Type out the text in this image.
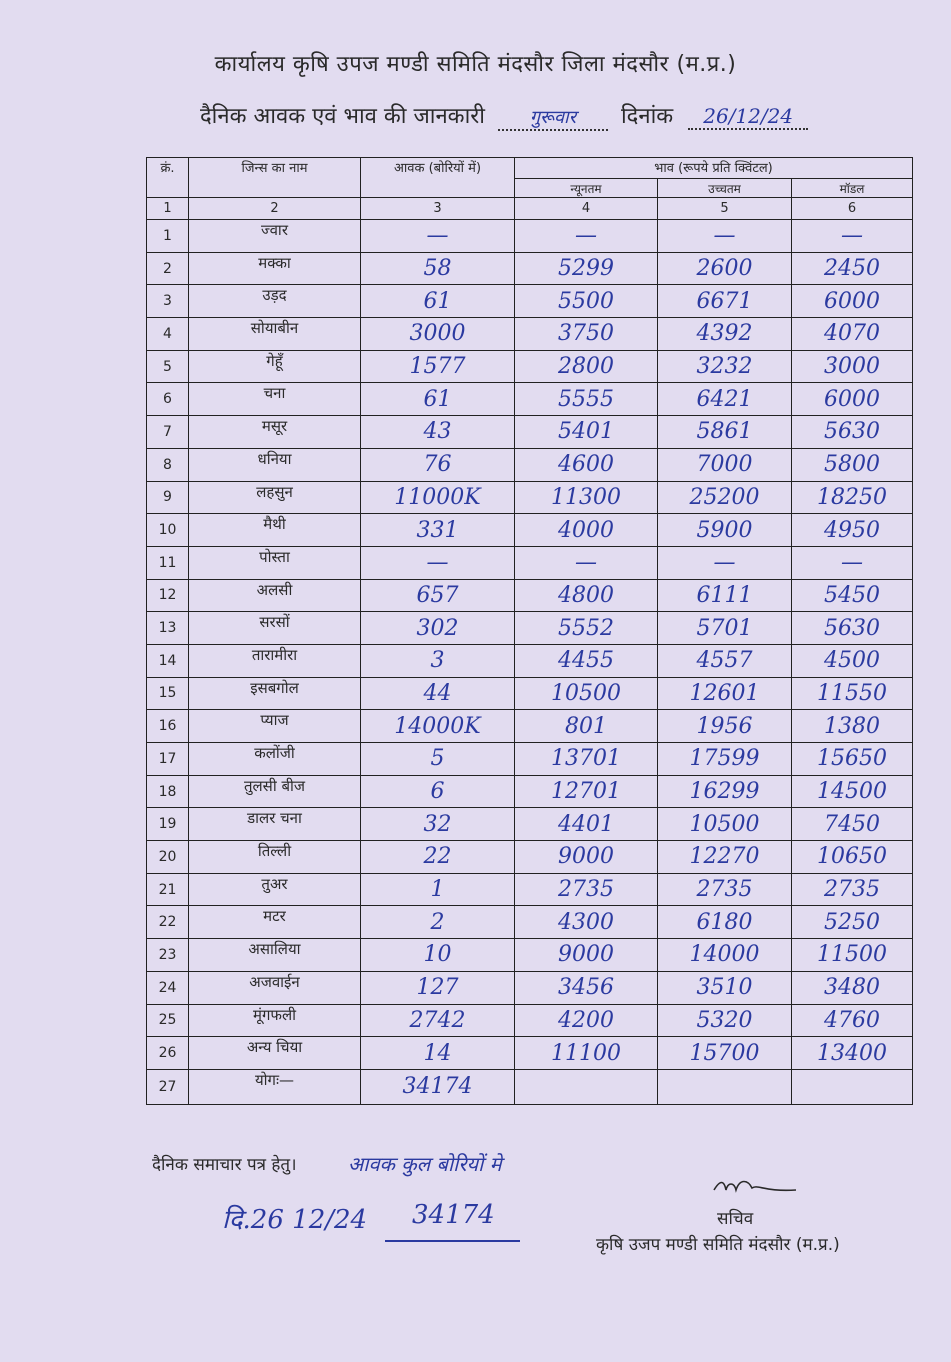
कार्यालय कृषि उपज मण्डी समिति मंदसौर जिला मंदसौर (म.प्र.)
दैनिक आवक एवं भाव की जानकारी गुरूवार दिनांक 26/12/24
क्रं.	जिन्स का नाम	आवक (बोरियों में)	भाव (रूपये प्रति क्विंटल)		
			न्यूनतम	उच्चतम	मॉडल
1	2	3	4	5	6
1	ज्वार	—	—	—	—
2	मक्का	58	5299	2600	2450
3	उड़द	61	5500	6671	6000
4	सोयाबीन	3000	3750	4392	4070
5	गेहूँ	1577	2800	3232	3000
6	चना	61	5555	6421	6000
7	मसूर	43	5401	5861	5630
8	धनिया	76	4600	7000	5800
9	लहसुन	11000K	11300	25200	18250
10	मैथी	331	4000	5900	4950
11	पोस्ता	—	—	—	—
12	अलसी	657	4800	6111	5450
13	सरसों	302	5552	5701	5630
14	तारामीरा	3	4455	4557	4500
15	इसबगोल	44	10500	12601	11550
16	प्याज	14000K	801	1956	1380
17	कलोंजी	5	13701	17599	15650
18	तुलसी बीज	6	12701	16299	14500
19	डालर चना	32	4401	10500	7450
20	तिल्ली	22	9000	12270	10650
21	तुअर	1	2735	2735	2735
22	मटर	2	4300	6180	5250
23	असालिया	10	9000	14000	11500
24	अजवाईन	127	3456	3510	3480
25	मूंगफली	2742	4200	5320	4760
26	अन्य चिया	14	11100	15700	13400
27	योगः—	34174			
दैनिक समाचार पत्र हेतु।	आवक कुल बोरियों मे
दि.26 12/24 34174	सचिव
कृषि उजप मण्डी समिति मंदसौर (म.प्र.)
